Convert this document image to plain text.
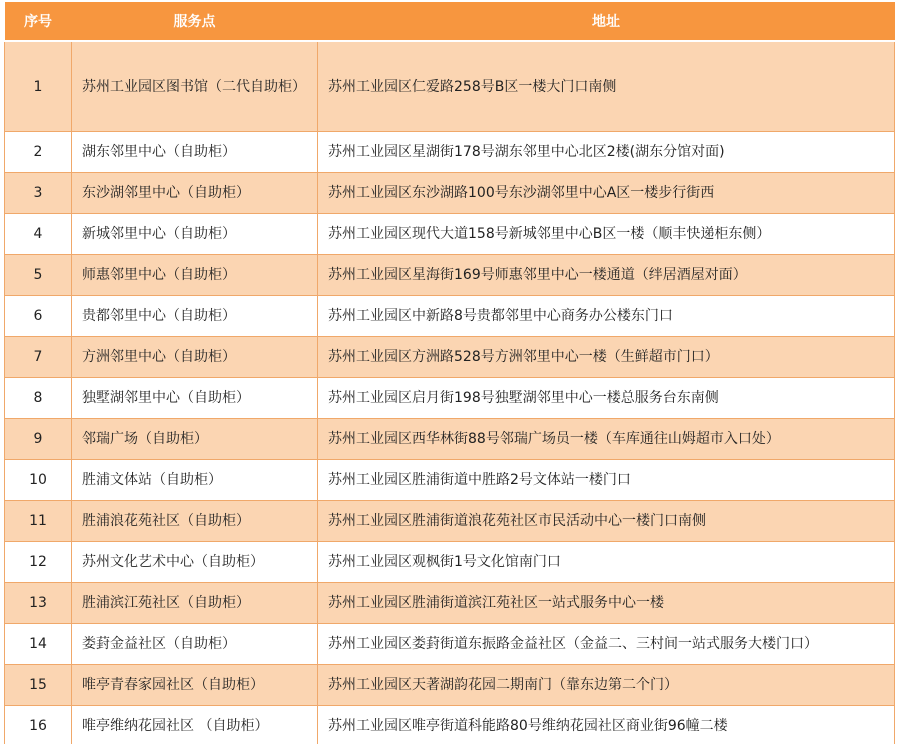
序号	服务点	地址
1	苏州工业园区图书馆（二代自助柜）	苏州工业园区仁爱路258号B区一楼大门口南侧
2	湖东邻里中心（自助柜）	苏州工业园区星湖街178号湖东邻里中心北区2楼(湖东分馆对面)
3	东沙湖邻里中心（自助柜）	苏州工业园区东沙湖路100号东沙湖邻里中心A区一楼步行街西
4	新城邻里中心（自助柜）	苏州工业园区现代大道158号新城邻里中心B区一楼（顺丰快递柜东侧）
5	师惠邻里中心（自助柜）	苏州工业园区星海街169号师惠邻里中心一楼通道（绊居酒屋对面）
6	贵都邻里中心（自助柜）	苏州工业园区中新路8号贵都邻里中心商务办公楼东门口
7	方洲邻里中心（自助柜）	苏州工业园区方洲路528号方洲邻里中心一楼（生鲜超市门口）
8	独墅湖邻里中心（自助柜）	苏州工业园区启月街198号独墅湖邻里中心一楼总服务台东南侧
9	邻瑞广场（自助柜）	苏州工业园区西华林街88号邻瑞广场员一楼（车库通往山姆超市入口处）
10	胜浦文体站（自助柜）	苏州工业园区胜浦街道中胜路2号文体站一楼门口
11	胜浦浪花苑社区（自助柜）	苏州工业园区胜浦街道浪花苑社区市民活动中心一楼门口南侧
12	苏州文化艺术中心（自助柜）	苏州工业园区观枫街1号文化馆南门口
13	胜浦滨江苑社区（自助柜）	苏州工业园区胜浦街道滨江苑社区一站式服务中心一楼
14	娄葑金益社区（自助柜）	苏州工业园区娄葑街道东振路金益社区（金益二、三村间一站式服务大楼门口）
15	唯亭青春家园社区（自助柜）	苏州工业园区天著湖韵花园二期南门（靠东边第二个门）
16	唯亭维纳花园社区 （自助柜）	苏州工业园区唯亭街道科能路80号维纳花园社区商业街96幢二楼
